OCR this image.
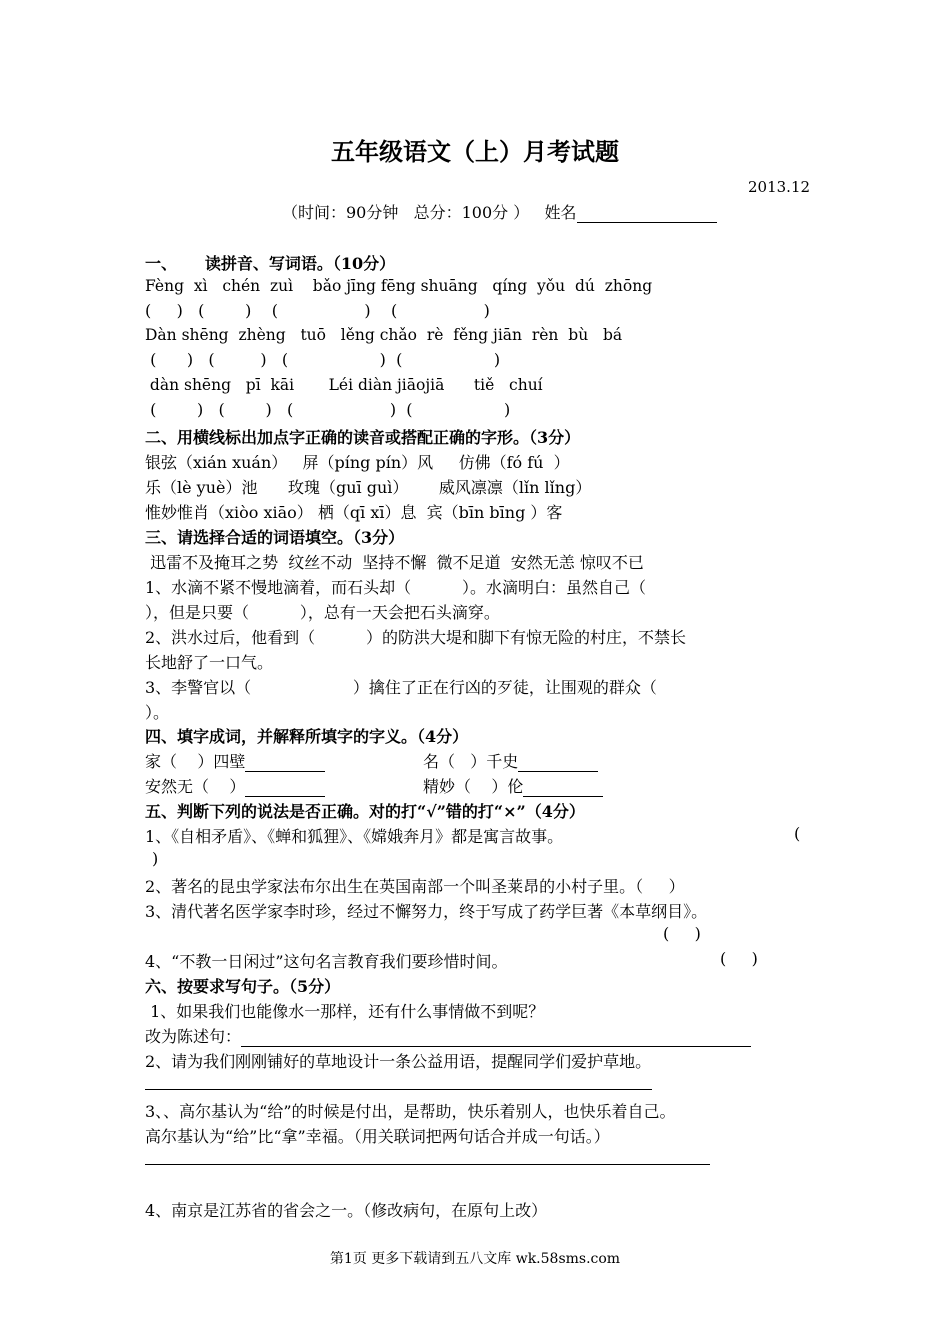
五年级语文（上）月考试题
2013.12
（时间：90分钟   总分：100分 ） 姓名
一、     读拼音、写词语。（10分）
Fèng  xì   chén  zuì    bǎo jīng fēng shuāng   qíng  yǒu  dú  zhōng
(     )   (        )    (                 )    (                 )
Dàn shēng  zhèng   tuō   lěng chǎo  rè  fěng jiān  rèn  bù   bá
(      )   (         )   (                  )  (                  )
dàn shēng   pī  kāi       Léi diàn jiāojiā      tiě   chuí
(        )   (        )   (                   )  (                  )
二、用横线标出加点字正确的读音或搭配正确的字形。（3分）
银弦（xián xuán）   屏（píng pín）风     仿佛（fó fú  ）
乐（lè yuè）池      玫瑰（guī guì）      威风凛凛（lǐn lǐng）
惟妙惟肖（xiòo xiāo） 栖（qī xī）息  宾（bīn bīng ）客
三、请选择合适的词语填空。（3分）
迅雷不及掩耳之势  纹丝不动  坚持不懈  微不足道  安然无恙 惊叹不已
1、水滴不紧不慢地滴着，而石头却（          ）。水滴明白：虽然自己（
），但是只要（          ），总有一天会把石头滴穿。
2、洪水过后，他看到（          ）的防洪大堤和脚下有惊无险的村庄，不禁长
长地舒了一口气。
3、李警官以（                    ）擒住了正在行凶的歹徒，让围观的群众（
）。
四、填字成词，并解释所填字的字义。（4分）
家（    ）四壁	名（   ）千史
安然无（    ）	精妙（    ）伦
五、判断下列的说法是否正确。对的打“√”错的打“×”（4分）
1、《自相矛盾》、《蝉和狐狸》、《嫦娥奔月》都是寓言故事。	(
)
2、著名的昆虫学家法布尔出生在英国南部一个叫圣莱昂的小村子里。（     ）
3、清代著名医学家李时珍，经过不懈努力，终于写成了药学巨著《本草纲目》。
(     )
4、“不教一日闲过”这句名言教育我们要珍惜时间。	(     )
六、按要求写句子。（5分）
1、如果我们也能像水一那样，还有什么事情做不到呢？
改为陈述句：
2、请为我们刚刚铺好的草地设计一条公益用语，提醒同学们爱护草地。
3、、高尔基认为“给”的时候是付出，是帮助，快乐着别人，也快乐着自己。
高尔基认为“给”比“拿”幸福。（用关联词把两句话合并成一句话。）
4、南京是江苏省的省会之一。（修改病句，在原句上改）
第1页 更多下载请到五八文库 wk.58sms.com
